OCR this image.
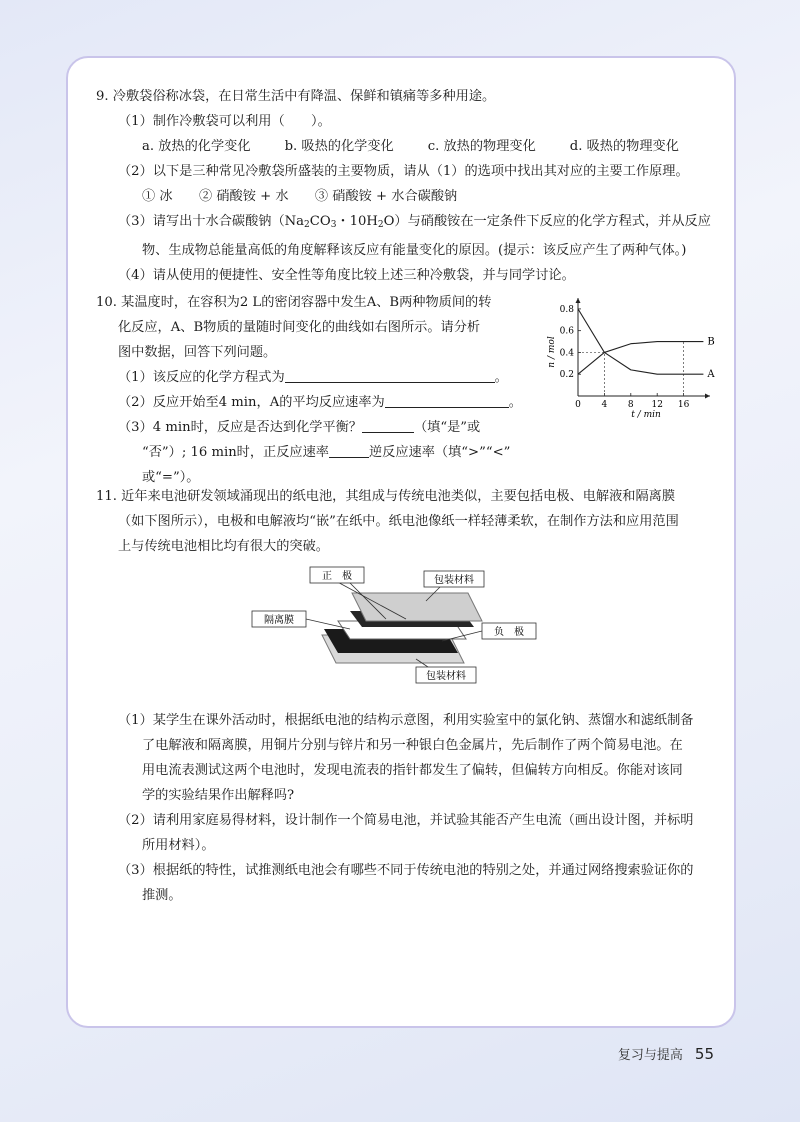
9. 冷敷袋俗称冰袋，在日常生活中有降温、保鲜和镇痛等多种用途。

（1）制作冷敷袋可以利用（　　）。

a. 放热的化学变化	b. 吸热的化学变化	c. 放热的物理变化	d. 吸热的物理变化

（2）以下是三种常见冷敷袋所盛装的主要物质，请从（1）的选项中找出其对应的主要工作原理。

① 冰　　② 硝酸铵 + 水　　③ 硝酸铵 + 水合碳酸钠

（3）请写出十水合碳酸钠（Na2CO3・10H2O）与硝酸铵在一定条件下反应的化学方程式，并从反应

物、生成物总能量高低的角度解释该反应有能量变化的原因。(提示：该反应产生了两种气体。)

（4）请从使用的便捷性、安全性等角度比较上述三种冷敷袋，并与同学讨论。

10. 某温度时，在容积为2 L的密闭容器中发生A、B两种物质间的转

化反应，A、B物质的量随时间变化的曲线如右图所示。请分析

图中数据，回答下列问题。

（1）该反应的化学方程式为	。

（2）反应开始至4 min，A的平均反应速率为	。

（3）4 min时，反应是否达到化学平衡？	（填“是”或

“否”）; 16 min时，正反应速率	逆反应速率（填“>”“<”

或“=”）。

0 4 8 12 16
0.2
0.4
0.6
0.8
n / mol
t / min
A
B

11. 近年来电池研发领域涌现出的纸电池，其组成与传统电池类似，主要包括电极、电解液和隔离膜

（如下图所示），电极和电解液均“嵌”在纸中。纸电池像纸一样轻薄柔软，在制作方法和应用范围

上与传统电池相比均有很大的突破。

正　极	包装材料
隔离膜
负　极
包装材料

（1）某学生在课外活动时，根据纸电池的结构示意图，利用实验室中的氯化钠、蒸馏水和滤纸制备

了电解液和隔离膜，用铜片分别与锌片和另一种银白色金属片，先后制作了两个简易电池。在

用电流表测试这两个电池时，发现电流表的指针都发生了偏转，但偏转方向相反。你能对该同

学的实验结果作出解释吗?

（2）请利用家庭易得材料，设计制作一个简易电池，并试验其能否产生电流（画出设计图，并标明

所用材料）。

（3）根据纸的特性，试推测纸电池会有哪些不同于传统电池的特别之处，并通过网络搜索验证你的

推测。

复习与提高 55
